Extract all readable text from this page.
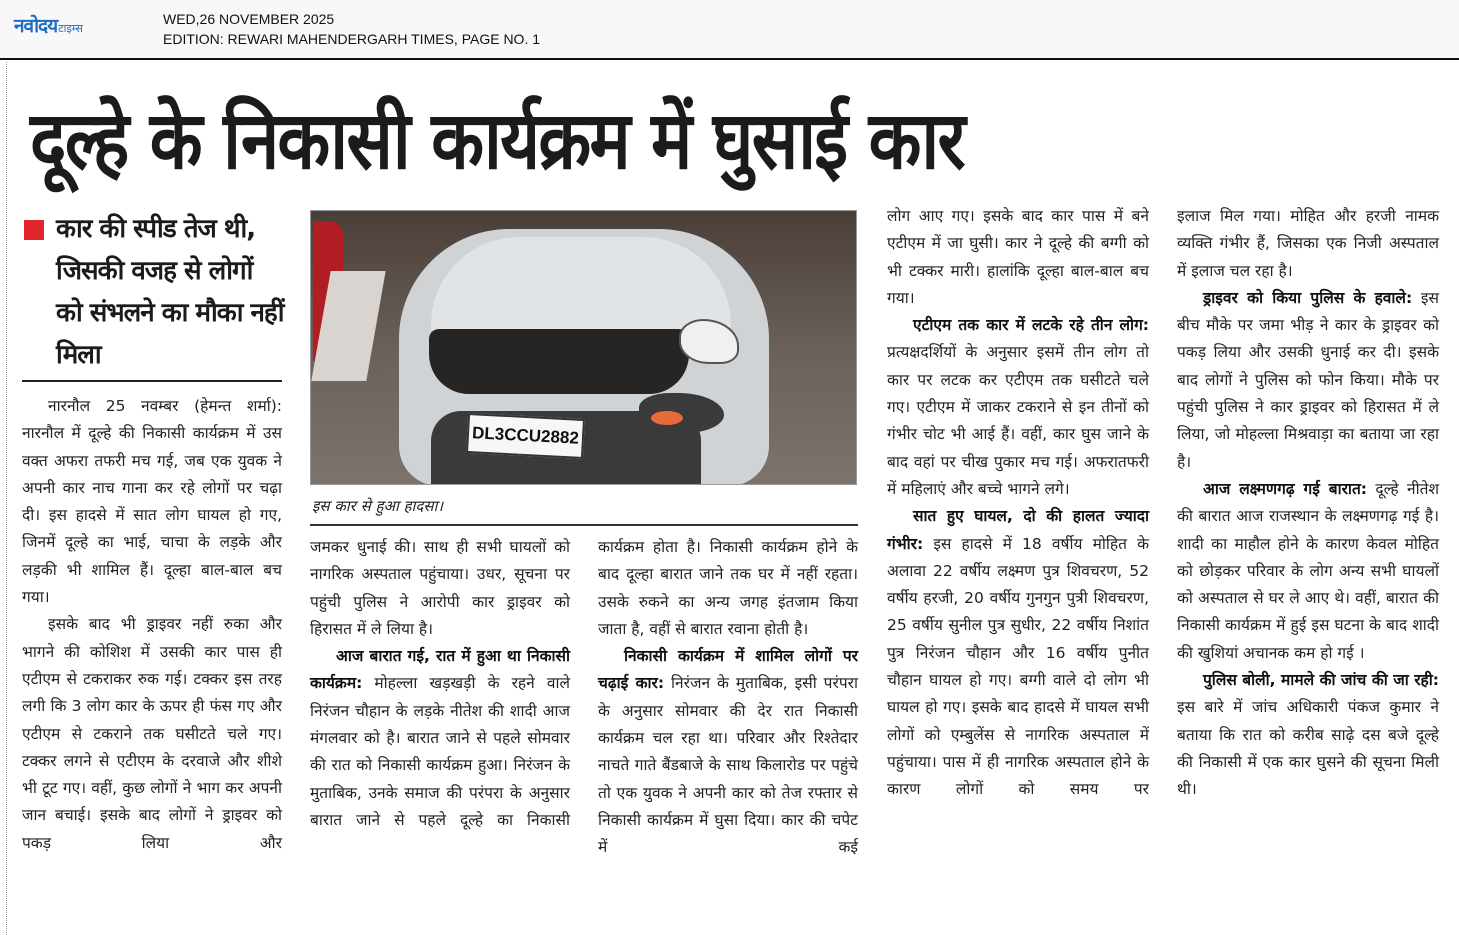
नवोदय टाइम्स
WED,26 NOVEMBER 2025
EDITION: REWARI MAHENDERGARH TIMES, PAGE NO. 1
दूल्हे के निकासी कार्यक्रम में घुसाई कार
कार की स्पीड तेज थी, जिसकी वजह से लोगों को संभलने का मौका नहीं मिला
DL3CCU2882
इस कार से हुआ हादसा।

नारनौल 25 नवम्बर (हेमन्त शर्मा): नारनौल में दूल्हे की निकासी कार्यक्रम में उस वक्त अफरा तफरी मच गई, जब एक युवक ने अपनी कार नाच गाना कर रहे लोगों पर चढ़ा दी। इस हादसे में सात लोग घायल हो गए, जिनमें दूल्हे का भाई, चाचा के लड़के और लड़की भी शामिल हैं। दूल्हा बाल-बाल बच गया।

इसके बाद भी ड्राइवर नहीं रुका और भागने की कोशिश में उसकी कार पास ही एटीएम से टकराकर रुक गई। टक्कर इस तरह लगी कि 3 लोग कार के ऊपर ही फंस गए और एटीएम से टकराने तक घसीटते चले गए। टक्कर लगने से एटीएम के दरवाजे और शीशे भी टूट गए। वहीं, कुछ लोगों ने भाग कर अपनी जान बचाई। इसके बाद लोगों ने ड्राइवर को पकड़ लिया और

जमकर धुनाई की। साथ ही सभी घायलों को नागरिक अस्पताल पहुंचाया। उधर, सूचना पर पहुंची पुलिस ने आरोपी कार ड्राइवर को हिरासत में ले लिया है।

आज बारात गई, रात में हुआ था निकासी कार्यक्रम: मोहल्ला खड़खड़ी के रहने वाले निरंजन चौहान के लड़के नीतेश की शादी आज मंगलवार को है। बारात जाने से पहले सोमवार की रात को निकासी कार्यक्रम हुआ। निरंजन के मुताबिक, उनके समाज की परंपरा के अनुसार बारात जाने से पहले दूल्हे का निकासी

कार्यक्रम होता है। निकासी कार्यक्रम होने के बाद दूल्हा बारात जाने तक घर में नहीं रहता। उसके रुकने का अन्य जगह इंतजाम किया जाता है, वहीं से बारात रवाना होती है।

निकासी कार्यक्रम में शामिल लोगों पर चढ़ाई कार: निरंजन के मुताबिक, इसी परंपरा के अनुसार सोमवार की देर रात निकासी कार्यक्रम चल रहा था। परिवार और रिश्तेदार नाचते गाते बैंडबाजे के साथ किलारोड पर पहुंचे तो एक युवक ने अपनी कार को तेज रफ्तार से निकासी कार्यक्रम में घुसा दिया। कार की चपेट में कई

लोग आए गए। इसके बाद कार पास में बने एटीएम में जा घुसी। कार ने दूल्हे की बग्गी को भी टक्कर मारी। हालांकि दूल्हा बाल-बाल बच गया।

एटीएम तक कार में लटके रहे तीन लोग: प्रत्यक्षदर्शियों के अनुसार इसमें तीन लोग तो कार पर लटक कर एटीएम तक घसीटते चले गए। एटीएम में जाकर टकराने से इन तीनों को गंभीर चोट भी आई हैं। वहीं, कार घुस जाने के बाद वहां पर चीख पुकार मच गई। अफरातफरी में महिलाएं और बच्चे भागने लगे।

सात हुए घायल, दो की हालत ज्यादा गंभीर: इस हादसे में 18 वर्षीय मोहित के अलावा 22 वर्षीय लक्ष्मण पुत्र शिवचरण, 52 वर्षीय हरजी, 20 वर्षीय गुनगुन पुत्री शिवचरण, 25 वर्षीय सुनील पुत्र सुधीर, 22 वर्षीय निशांत पुत्र निरंजन चौहान और 16 वर्षीय पुनीत चौहान घायल हो गए। बग्गी वाले दो लोग भी घायल हो गए। इसके बाद हादसे में घायल सभी लोगों को एम्बुलेंस से नागरिक अस्पताल में पहुंचाया। पास में ही नागरिक अस्पताल होने के कारण लोगों को समय पर

इलाज मिल गया। मोहित और हरजी नामक व्यक्ति गंभीर हैं, जिसका एक निजी अस्पताल में इलाज चल रहा है।

ड्राइवर को किया पुलिस के हवाले: इस बीच मौके पर जमा भीड़ ने कार के ड्राइवर को पकड़ लिया और उसकी धुनाई कर दी। इसके बाद लोगों ने पुलिस को फोन किया। मौके पर पहुंची पुलिस ने कार ड्राइवर को हिरासत में ले लिया, जो मोहल्ला मिश्रवाड़ा का बताया जा रहा है।

आज लक्ष्मणगढ़ गई बारात: दूल्हे नीतेश की बारात आज राजस्थान के लक्ष्मणगढ़ गई है। शादी का माहौल होने के कारण केवल मोहित को छोड़कर परिवार के लोग अन्य सभी घायलों को अस्पताल से घर ले आए थे। वहीं, बारात की निकासी कार्यक्रम में हुई इस घटना के बाद शादी की खुशियां अचानक कम हो गई ।

पुलिस बोली, मामले की जांच की जा रही: इस बारे में जांच अधिकारी पंकज कुमार ने बताया कि रात को करीब साढ़े दस बजे दूल्हे की निकासी में एक कार घुसने की सूचना मिली थी।
